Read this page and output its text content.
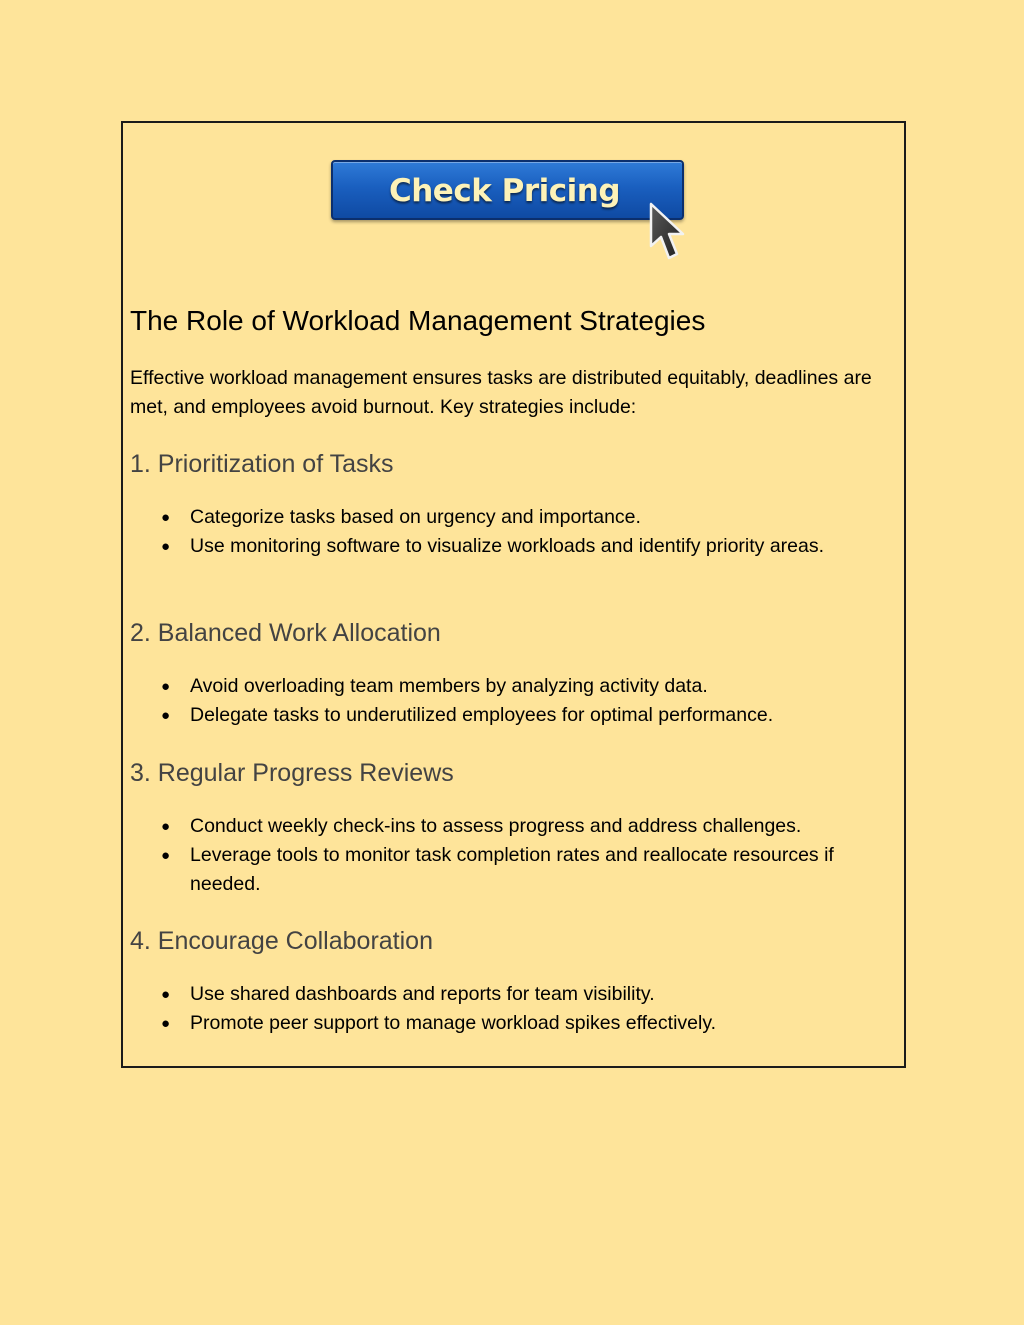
Check Pricing
The Role of Workload Management Strategies

Effective workload management ensures tasks are distributed equitably, deadlines are met, and employees avoid burnout. Key strategies include:

1. Prioritization of Tasks
● Categorize tasks based on urgency and importance.
● Use monitoring software to visualize workloads and identify priority areas.
2. Balanced Work Allocation
● Avoid overloading team members by analyzing activity data.
● Delegate tasks to underutilized employees for optimal performance.
3. Regular Progress Reviews
● Conduct weekly check-ins to assess progress and address challenges.
● Leverage tools to monitor task completion rates and reallocate resources if needed.
4. Encourage Collaboration
● Use shared dashboards and reports for team visibility.
● Promote peer support to manage workload spikes effectively.
